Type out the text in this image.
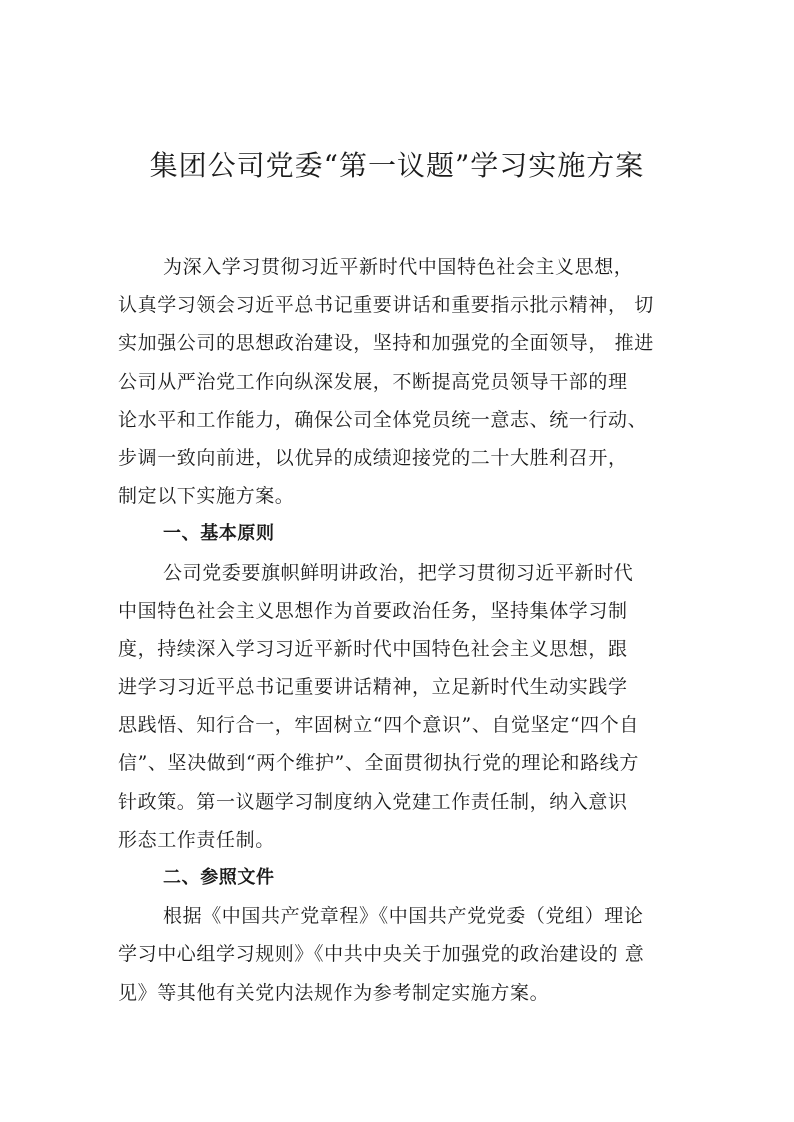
集团公司党委“第一议题”学习实施方案
为深入学习贯彻习近平新时代中国特色社会主义思想，
认真学习领会习近平总书记重要讲话和重要指示批示精神， 切
实加强公司的思想政治建设，坚持和加强党的全面领导， 推进
公司从严治党工作向纵深发展，不断提高党员领导干部的理
论水平和工作能力，确保公司全体党员统一意志、统一行动、
步调一致向前进，以优异的成绩迎接党的二十大胜利召开，
制定以下实施方案。
一、基本原则
公司党委要旗帜鲜明讲政治，把学习贯彻习近平新时代
中国特色社会主义思想作为首要政治任务，坚持集体学习制
度，持续深入学习习近平新时代中国特色社会主义思想，跟
进学习习近平总书记重要讲话精神，立足新时代生动实践学
思践悟、知行合一，牢固树立“四个意识”、自觉坚定“四个自
信”、坚决做到“两个维护”、全面贯彻执行党的理论和路线方
针政策。第一议题学习制度纳入党建工作责任制，纳入意识
形态工作责任制。
二、参照文件
根据《中国共产党章程》《中国共产党党委（党组）理论
学习中心组学习规则》《中共中央关于加强党的政治建设的 意
见》等其他有关党内法规作为参考制定实施方案。
